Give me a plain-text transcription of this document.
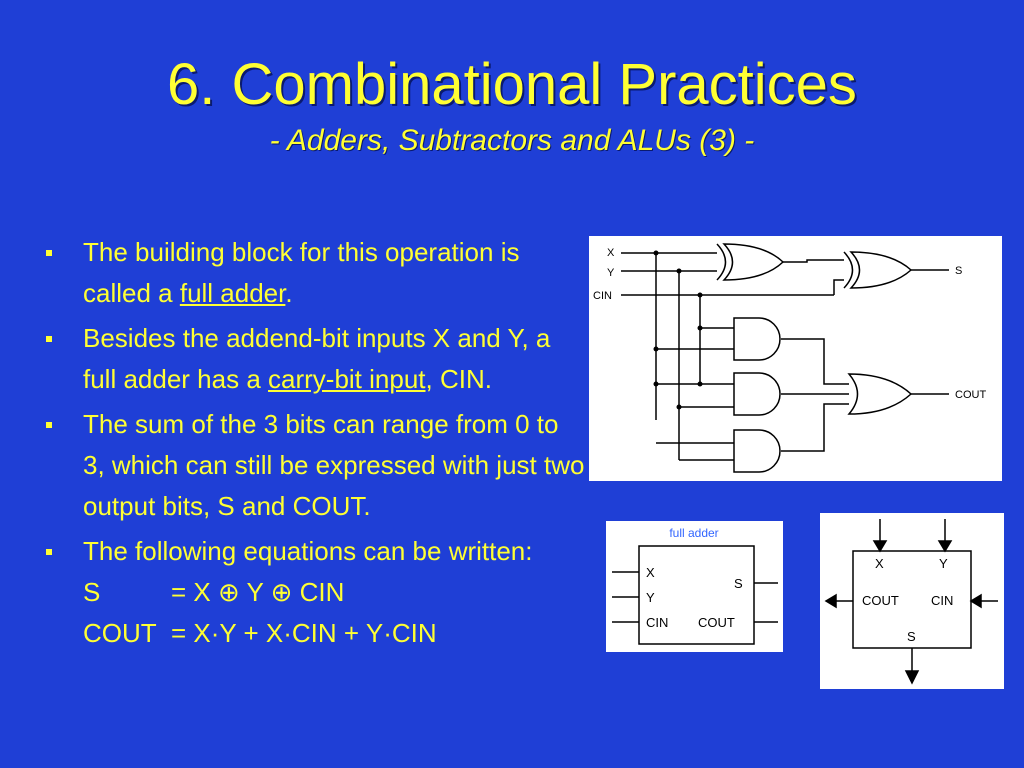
6. Combinational Practices
- Adders, Subtractors and ALUs (3) -
The building block for this operation is called a full adder.
Besides the addend-bit inputs X and Y, a full adder has a carry-bit input, CIN.
The sum of the 3 bits can range from 0 to 3, which can still be expressed with just two output bits, S and COUT.
The following equations can be written:
S	= X ⊕ Y ⊕ CIN
COUT = X·Y + X·CIN + Y·CIN
X
Y
CIN
S
COUT
full adder
X
Y
CIN
S
COUT
X	Y
COUT CIN
S
